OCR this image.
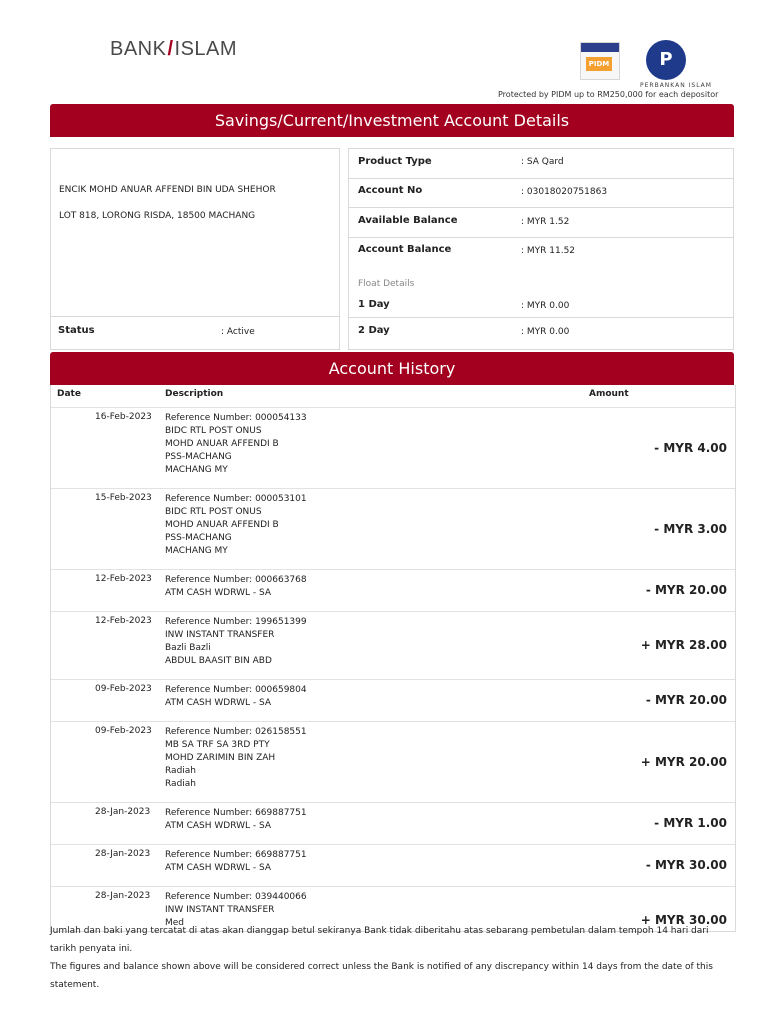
BANK/ISLAM
PIDM	P
PERBANKAN ISLAM
Protected by PIDM up to RM250,000 for each depositor
Savings/Current/Investment Account Details
ENCIK MOHD ANUAR AFFENDI BIN UDA SHEHOR
LOT 818, LORONG RISDA, 18500 MACHANG
Status	: Active
Product Type	: SA Qard
Account No	: 03018020751863
Available Balance	: MYR 1.52
Account Balance	: MYR 11.52
Float Details
1 Day	: MYR 0.00
2 Day	: MYR 0.00
Account History
Date	Description	Amount
16-Feb-2023 Reference Number: 000054133
BIDC RTL POST ONUS
MOHD ANUAR AFFENDI B
PSS-MACHANG
MACHANG MY
- MYR 4.00
15-Feb-2023 Reference Number: 000053101
BIDC RTL POST ONUS
MOHD ANUAR AFFENDI B
PSS-MACHANG
MACHANG MY
- MYR 3.00
12-Feb-2023 Reference Number: 000663768
ATM CASH WDRWL - SA	- MYR 20.00
12-Feb-2023 Reference Number: 199651399
INW INSTANT TRANSFER
Bazli Bazli
ABDUL BAASIT BIN ABD
+ MYR 28.00
09-Feb-2023 Reference Number: 000659804
ATM CASH WDRWL - SA	- MYR 20.00
09-Feb-2023 Reference Number: 026158551
MB SA TRF SA 3RD PTY
MOHD ZARIMIN BIN ZAH
Radiah
Radiah
+ MYR 20.00
28-Jan-2023 Reference Number: 669887751
ATM CASH WDRWL - SA	- MYR 1.00
28-Jan-2023 Reference Number: 669887751
ATM CASH WDRWL - SA	- MYR 30.00
28-Jan-2023 Reference Number: 039440066
INW INSTANT TRANSFER
Med	+ MYR 30.00
Jumlah dan baki yang tercatat di atas akan dianggap betul sekiranya Bank tidak diberitahu atas sebarang pembetulan dalam tempoh 14 hari dari tarikh penyata ini.
The figures and balance shown above will be considered correct unless the Bank is notified of any discrepancy within 14 days from the date of this statement.
